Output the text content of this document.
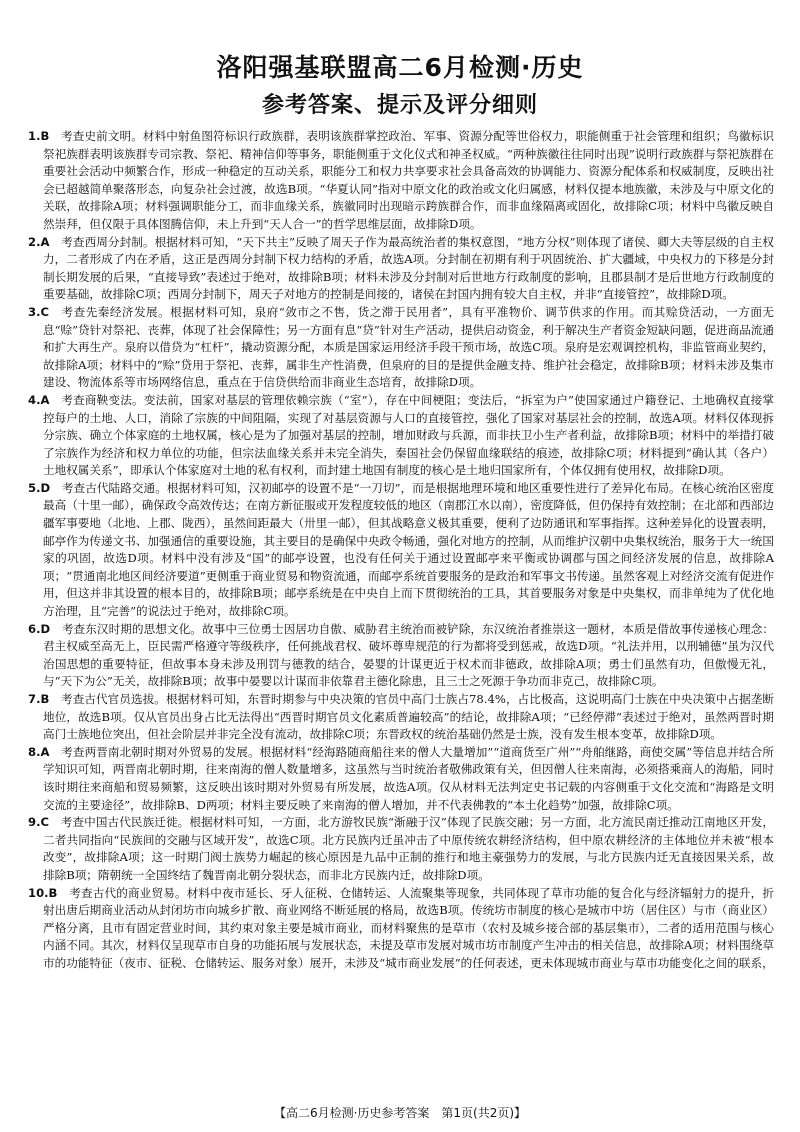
洛阳强基联盟高二6月检测·历史
参考答案、提示及评分细则

1.B　 考查史前文明。材料中射鱼图符标识行政族群，表明该族群掌控政治、军事、资源分配等世俗权力，职能侧重于社会管理和组织；鸟徽标识祭祀族群表明该族群专司宗教、祭祀、精神信仰等事务，职能侧重于文化仪式和神圣权威。“两种族徽往往同时出现”说明行政族群与祭祀族群在重要社会活动中频繁合作，形成一种稳定的互动关系，职能分工和权力共享要求社会具备高效的协调能力、资源分配体系和权威制度，反映出社会已超越简单聚落形态，向复杂社会过渡，故选B项。“华夏认同”指对中原文化的政治或文化归属感，材料仅提本地族徽，未涉及与中原文化的关联，故排除A项；材料强调职能分工，而非血缘关系，族徽同时出现暗示跨族群合作，而非血缘隔离或固化，故排除C项；材料中鸟徽反映自然崇拜，但仅限于具体图腾信仰，未上升到“天人合一”的哲学思维层面，故排除D项。

2.A　 考查西周分封制。根据材料可知，“天下共主”反映了周天子作为最高统治者的集权意图，“地方分权”则体现了诸侯、卿大夫等层级的自主权力，二者形成了内在矛盾，这正是西周分封制下权力结构的矛盾，故选A项。分封制在初期有利于巩固统治、扩大疆域，中央权力的下移是分封制长期发展的后果，“直接导致”表述过于绝对，故排除B项；材料未涉及分封制对后世地方行政制度的影响，且郡县制才是后世地方行政制度的重要基础，故排除C项；西周分封制下，周天子对地方的控制是间接的，诸侯在封国内拥有较大自主权，并非“直接管控”，故排除D项。

3.C　 考查先秦经济发展。根据材料可知，泉府“敛市之不售，货之滞于民用者”，具有平准物价、调节供求的作用。而其赊贷活动，一方面无息“赊”贷针对祭祀、丧葬，体现了社会保障性；另一方面有息“贷”针对生产活动，提供启动资金，利于解决生产者资金短缺问题，促进商品流通和扩大再生产。泉府以借贷为“杠杆”，撬动资源分配，本质是国家运用经济手段干预市场，故选C项。泉府是宏观调控机构，非监管商业契约，故排除A项；材料中的“赊”贷用于祭祀、丧葬，属非生产性消费，但泉府的目的是提供金融支持、维护社会稳定，故排除B项；材料未涉及集市建设、物流体系等市场网络信息，重点在于信贷供给而非商业生态培育，故排除D项。

4.A　 考查商鞅变法。变法前，国家对基层的管理依赖宗族（“室”），存在中间梗阻；变法后，“拆室为户”使国家通过户籍登记、土地确权直接掌控每户的土地、人口，消除了宗族的中间阻隔，实现了对基层资源与人口的直接管控，强化了国家对基层社会的控制，故选A项。材料仅体现拆分宗族、确立个体家庭的土地权属，核心是为了加强对基层的控制，增加财政与兵源，而非扶卫小生产者利益，故排除B项；材料中的举措打破了宗族作为经济和权力单位的功能，但宗法血缘关系并未完全消失，秦国社会仍保留血缘联结的痕迹，故排除C项；材料提到“确认其（各户）土地权属关系”，即承认个体家庭对土地的私有权利，而封建土地国有制度的核心是土地归国家所有，个体仅拥有使用权，故排除D项。

5.D　 考查古代陆路交通。根据材料可知，汉初邮亭的设置不是“一刀切”，而是根据地理环境和地区重要性进行了差异化布局。在核心统治区密度最高（十里一邮），确保政令高效传达；在南方新征服或开发程度较低的地区（南郡江水以南），密度降低，但仍保持有效控制；在北部和西部边疆军事要地（北地、上郡、陇西），虽然间距最大（卅里一邮），但其战略意义极其重要，便利了边防通讯和军事指挥。这种差异化的设置表明，邮亭作为传递文书、加强通信的重要设施，其主要目的是确保中央政令畅通，强化对地方的控制，从而维护汉朝中央集权统治，服务于大一统国家的巩固，故选D项。材料中没有涉及“国”的邮亭设置，也没有任何关于通过设置邮亭来平衡或协调郡与国之间经济发展的信息，故排除A项；“贯通南北地区间经济要道”更侧重于商业贸易和物资流通，而邮亭系统首要服务的是政治和军事文书传递。虽然客观上对经济交流有促进作用，但这并非其设置的根本目的，故排除B项；邮亭系统是在中央自上而下贯彻统治的工具，其首要服务对象是中央集权，而非单纯为了优化地方治理，且“完善”的说法过于绝对，故排除C项。

6.D　 考查东汉时期的思想文化。故事中三位勇士因居功自傲、威胁君主统治而被铲除，东汉统治者推崇这一题材，本质是借故事传递核心理念：君主权威至高无上，臣民需严格遵守等级秩序，任何挑战君权、破坏尊卑规范的行为都将受到惩戒，故选D项。“礼法并用，以刑辅德”虽为汉代治国思想的重要特征，但故事本身未涉及刑罚与德教的结合，晏婴的计谋更近于权术而非德政，故排除A项；勇士们虽然有功，但傲慢无礼，与“天下为公”无关，故排除B项；故事中晏婴以计谋而非依靠君主德化除患，且三士之死源于争功而非克己，故排除C项。

7.B　 考查古代官员选拔。根据材料可知，东晋时期参与中央决策的官员中高门士族占78.4%，占比极高，这说明高门士族在中央决策中占据垄断地位，故选B项。仅从官员出身占比无法得出“西晋时期官员文化素质普遍较高”的结论，故排除A项；“已经停滞”表述过于绝对，虽然两晋时期高门士族地位突出，但社会阶层并非完全没有流动，故排除C项；东晋政权的统治基础仍然是士族，没有发生根本变革，故排除D项。

8.A　 考查两晋南北朝时期对外贸易的发展。根据材料“经海路随商船往来的僧人大量增加”“道商货至广州”“舟舶继路，商使交属”等信息并结合所学知识可知，两晋南北朝时期，往来南海的僧人数量增多，这虽然与当时统治者敬佛政策有关，但因僧人往来南海，必须搭乘商人的海船，同时该时期往来商船和贸易频繁，这反映出该时期对外贸易有所发展，故选A项。仅从材料无法判定史书记载的内容侧重于文化交流和“海路是文明交流的主要途径”，故排除B、D两项；材料主要反映了来南海的僧人增加，并不代表佛教的“本土化趋势”加强，故排除C项。

9.C　 考查中国古代民族迁徙。根据材料可知，一方面，北方游牧民族“渐融于汉”体现了民族交融；另一方面，北方流民南迁推动江南地区开发，二者共同指向“民族间的交融与区域开发”，故选C项。北方民族内迁虽冲击了中原传统农耕经济结构，但中原农耕经济的主体地位并未被“根本改变”，故排除A项；这一时期门阀士族势力崛起的核心原因是九品中正制的推行和地主豪强势力的发展，与北方民族内迁无直接因果关系，故排除B项；隋朝统一全国终结了魏晋南北朝分裂状态，而非北方民族内迁，故排除D项。

10.B　 考查古代的商业贸易。材料中夜市延长、牙人征税、仓储转运、人流聚集等现象，共同体现了草市功能的复合化与经济辐射力的提升，折射出唐后期商业活动从封闭坊市向城乡扩散、商业网络不断延展的格局，故选B项。传统坊市制度的核心是城市中坊（居住区）与市（商业区）严格分离，且市有固定营业时间，其约束对象主要是城市商业，而材料聚焦的是草市（农村及城乡接合部的基层集市），二者的适用范围与核心内涵不同。其次，材料仅呈现草市自身的功能拓展与发展状态，未提及草市发展对城市坊市制度产生冲击的相关信息，故排除A项；材料围绕草市的功能特征（夜市、征税、仓储转运、服务对象）展开，未涉及“城市商业发展”的任何表述，更未体现城市商业与草市功能变化之间的联系，

【高二6月检测·历史参考答案　第1页(共2页)】
